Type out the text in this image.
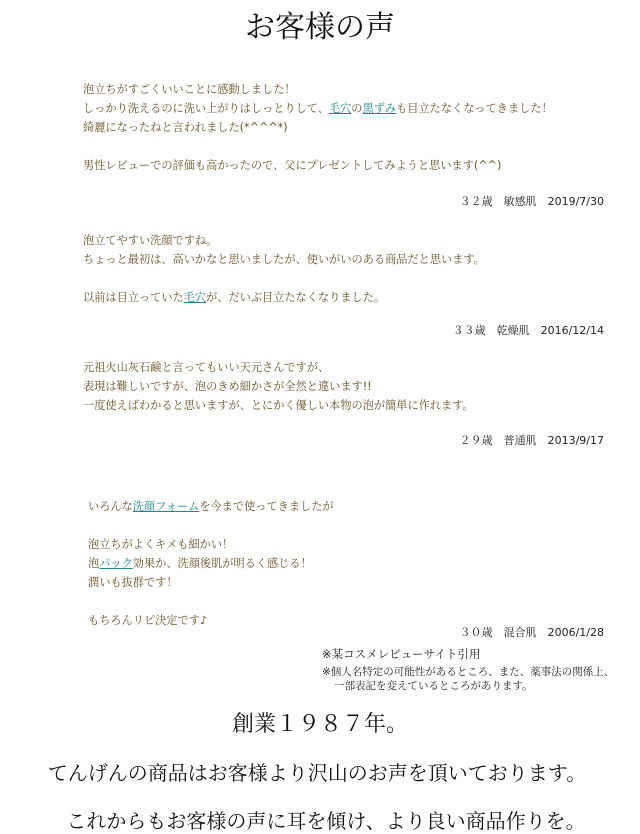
お客様の声

泡立ちがすごくいいことに感動しました！

しっかり洗えるのに洗い上がりはしっとりして、毛穴の黒ずみも目立たなくなってきました！

綺麗になったねと言われました(*^^^*)

男性レビューでの評価も高かったので、父にプレゼントしてみようと思います(^^)

３２歳　敏感肌　2019/7/30

泡立てやすい洗顔ですね。

ちょっと最初は、高いかなと思いましたが、使いがいのある商品だと思います。

以前は目立っていた毛穴が、だいぶ目立たなくなりました。

３３歳　乾燥肌　2016/12/14

元祖火山灰石鹸と言ってもいい天元さんですが、

表現は難しいですが、泡のきめ細かさが全然と違います!!

一度使えばわかると思いますが、とにかく優しい本物の泡が簡単に作れます。

２９歳　普通肌　2013/9/17

いろんな洗顔フォームを今まで使ってきましたが

泡立ちがよくキメも細かい！

泡パック効果か、洗顔後肌が明るく感じる！

潤いも抜群です！

もちろんリピ決定です♪

３０歳　混合肌　2006/1/28
※某コスメレビューサイト引用
※個人名特定の可能性があるところ、また、薬事法の関係上、
一部表記を変えているところがあります。
創業１９８７年。
てんげんの商品はお客様より沢山のお声を頂いております。
これからもお客様の声に耳を傾け、より良い商品作りを。
